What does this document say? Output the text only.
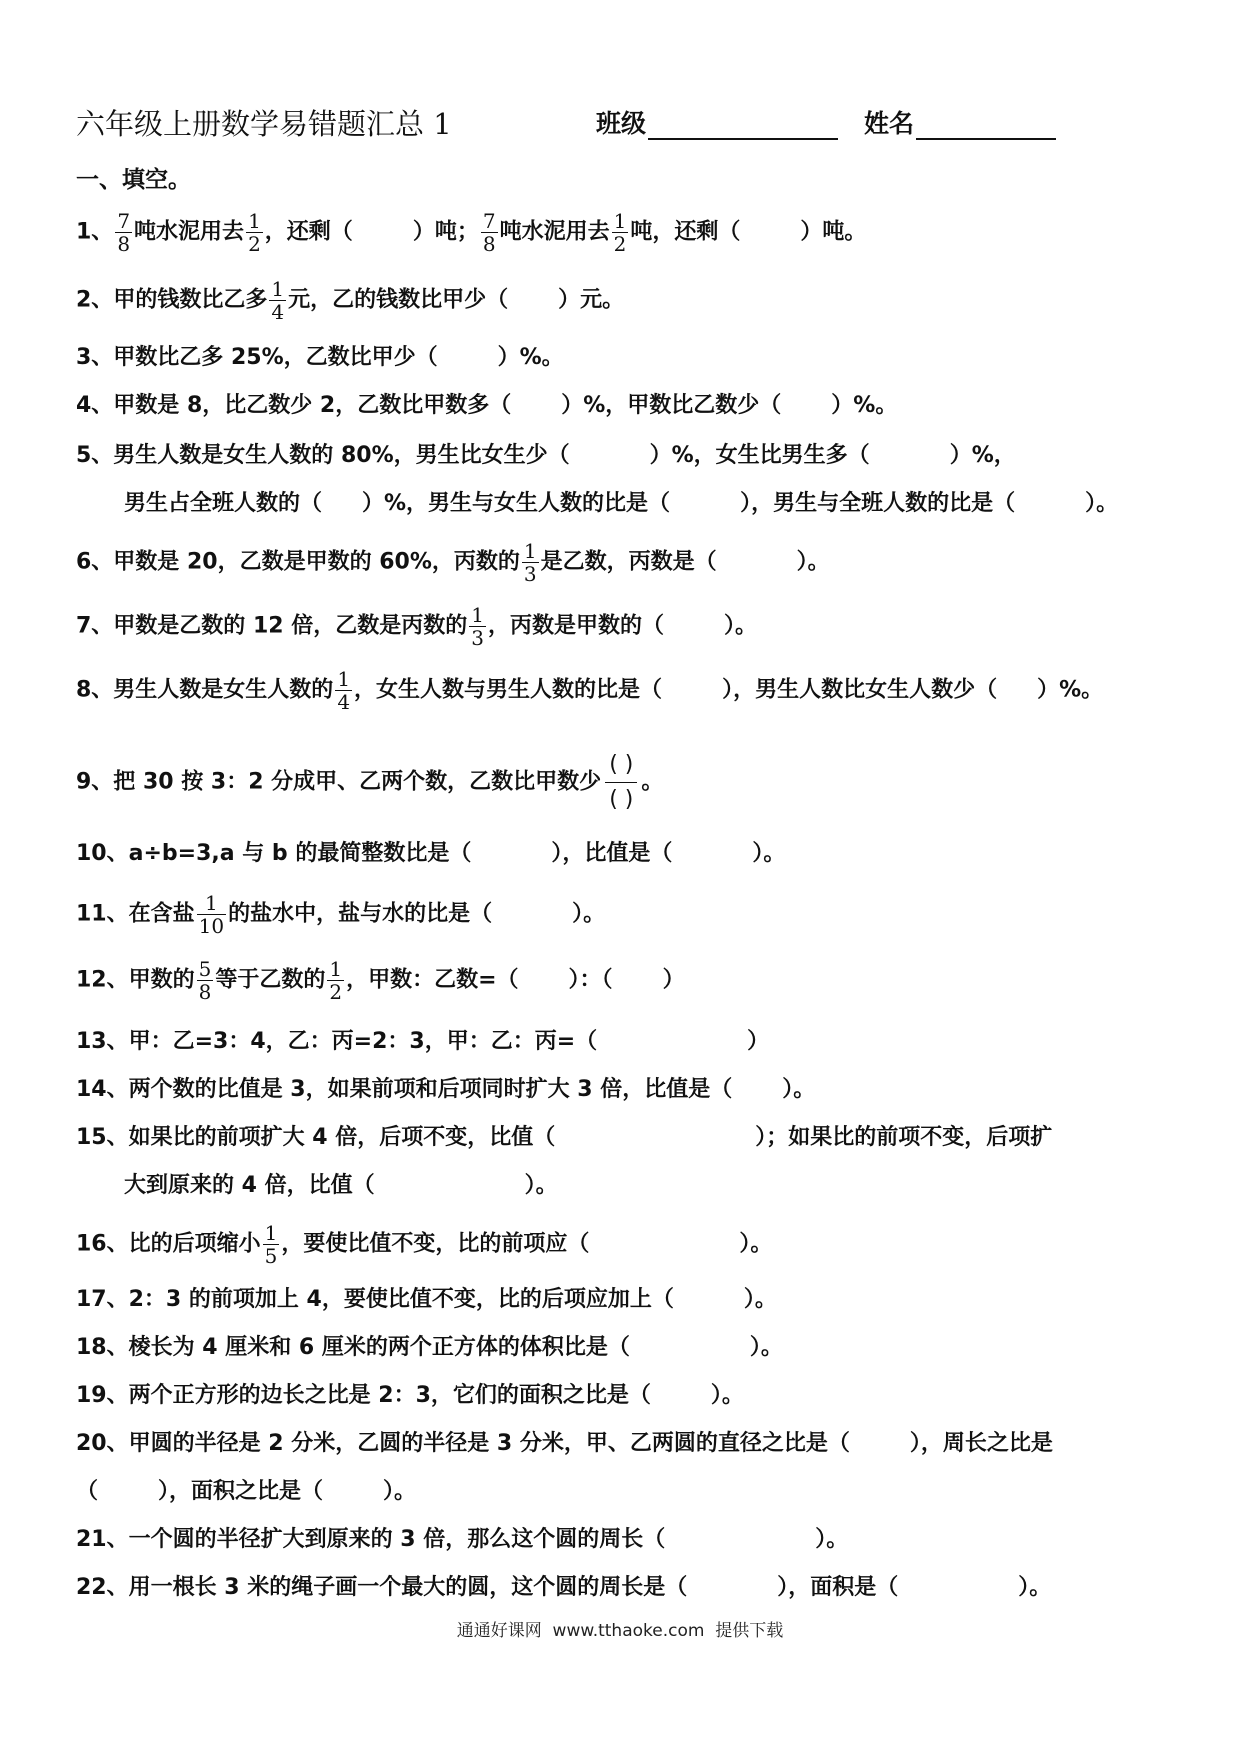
六年级上册数学易错题汇总 1	班级	姓名
一、填空。
1、 $\frac{7}{8}$ 吨水泥用去 $\frac{1}{2}$ ，还剩（	）吨； $\frac{7}{8}$ 吨水泥用去 $\frac{1}{2}$ 吨，还剩（	）吨。
2、甲的钱数比乙多 $\frac{1}{4}$ 元，乙的钱数比甲少（ ）元。
3、甲数比乙多 25%，乙数比甲少（	）%。
4、甲数是 8，比乙数少 2，乙数比甲数多（ ）%，甲数比乙数少（ ）%。
5、男生人数是女生人数的 80%，男生比女生少（	）%，女生比男生多（	）%，
男生占全班人数的（ ）%，男生与女生人数的比是（	），男生与全班人数的比是（	）。
6、甲数是 20，乙数是甲数的 60%，丙数的 $\frac{1}{3}$ 是乙数，丙数是（	）。
7、甲数是乙数的 12 倍，乙数是丙数的 $\frac{1}{3}$ ，丙数是甲数的（	）。
8、男生人数是女生人数的 $\frac{1}{4}$ ，女生人数与男生人数的比是（	），男生人数比女生人数少（ ）%。
9、把 30 按 3：2 分成甲、乙两个数，乙数比甲数少 $\frac{( )}{( )}$ 。
10、a÷b=3,a 与 b 的最简整数比是（	），比值是（	）。
11、在含盐 $\frac{1}{10}$ 的盐水中，盐与水的比是（	）。
12、甲数的 $\frac{5}{8}$ 等于乙数的 $\frac{1}{2}$ ，甲数：乙数=（ ）：（ ）
13、甲：乙=3：4，乙：丙=2：3，甲：乙：丙=（	）
14、两个数的比值是 3，如果前项和后项同时扩大 3 倍，比值是（ ）。
15、如果比的前项扩大 4 倍，后项不变，比值（	）；如果比的前项不变，后项扩
大到原来的 4 倍，比值（	）。
16、比的后项缩小 $\frac{1}{5}$ ，要使比值不变，比的前项应（	）。
17、2：3 的前项加上 4，要使比值不变，比的后项应加上（	）。
18、棱长为 4 厘米和 6 厘米的两个正方体的体积比是（	）。
19、两个正方形的边长之比是 2：3，它们的面积之比是（	）。
20、甲圆的半径是 2 分米，乙圆的半径是 3 分米，甲、乙两圆的直径之比是（	），周长之比是
（	），面积之比是（	）。
21、一个圆的半径扩大到原来的 3 倍，那么这个圆的周长（	）。
22、用一根长 3 米的绳子画一个最大的圆，这个圆的周长是（	），面积是（	）。
通通好课网  www.tthaoke.com  提供下载
